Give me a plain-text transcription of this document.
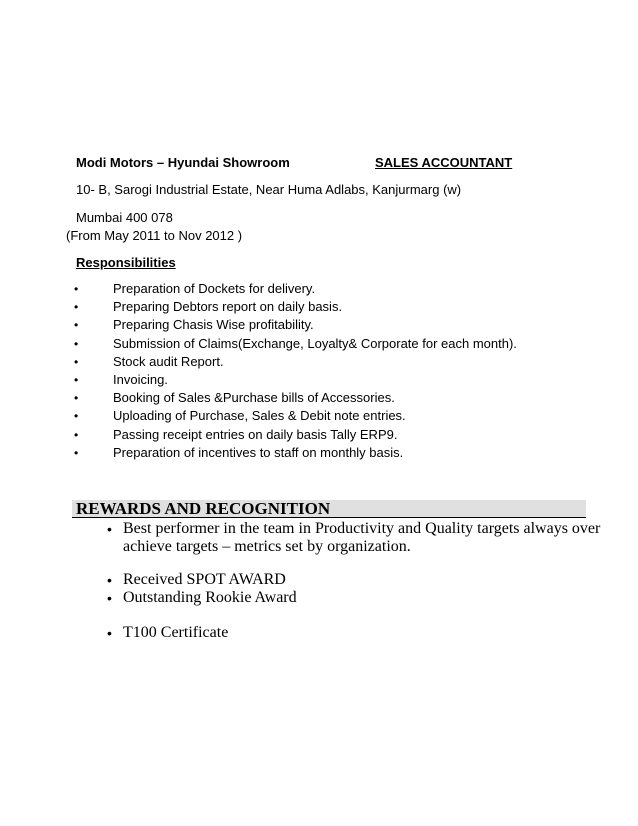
Modi Motors – Hyundai Showroom	SALES ACCOUNTANT
10- B, Sarogi Industrial Estate, Near Huma Adlabs, Kanjurmarg (w)
Mumbai 400 078
(From May 2011 to Nov 2012 )
Responsibilities
•	Preparation of Dockets for delivery.
•	Preparing Debtors report on daily basis.
•	Preparing Chasis Wise profitability.
•	Submission of Claims(Exchange, Loyalty& Corporate for each month).
•	Stock audit Report.
•	Invoicing.
•	Booking of Sales &Purchase bills of Accessories.
•	Uploading of Purchase, Sales & Debit note entries.
•	Passing receipt entries on daily basis Tally ERP9.
•	Preparation of incentives to staff on monthly basis.
REWARDS AND RECOGNITION
• Best performer in the team in Productivity and Quality targets always over
achieve targets – metrics set by organization.
• Received SPOT AWARD
• Outstanding Rookie Award
• T100 Certificate
